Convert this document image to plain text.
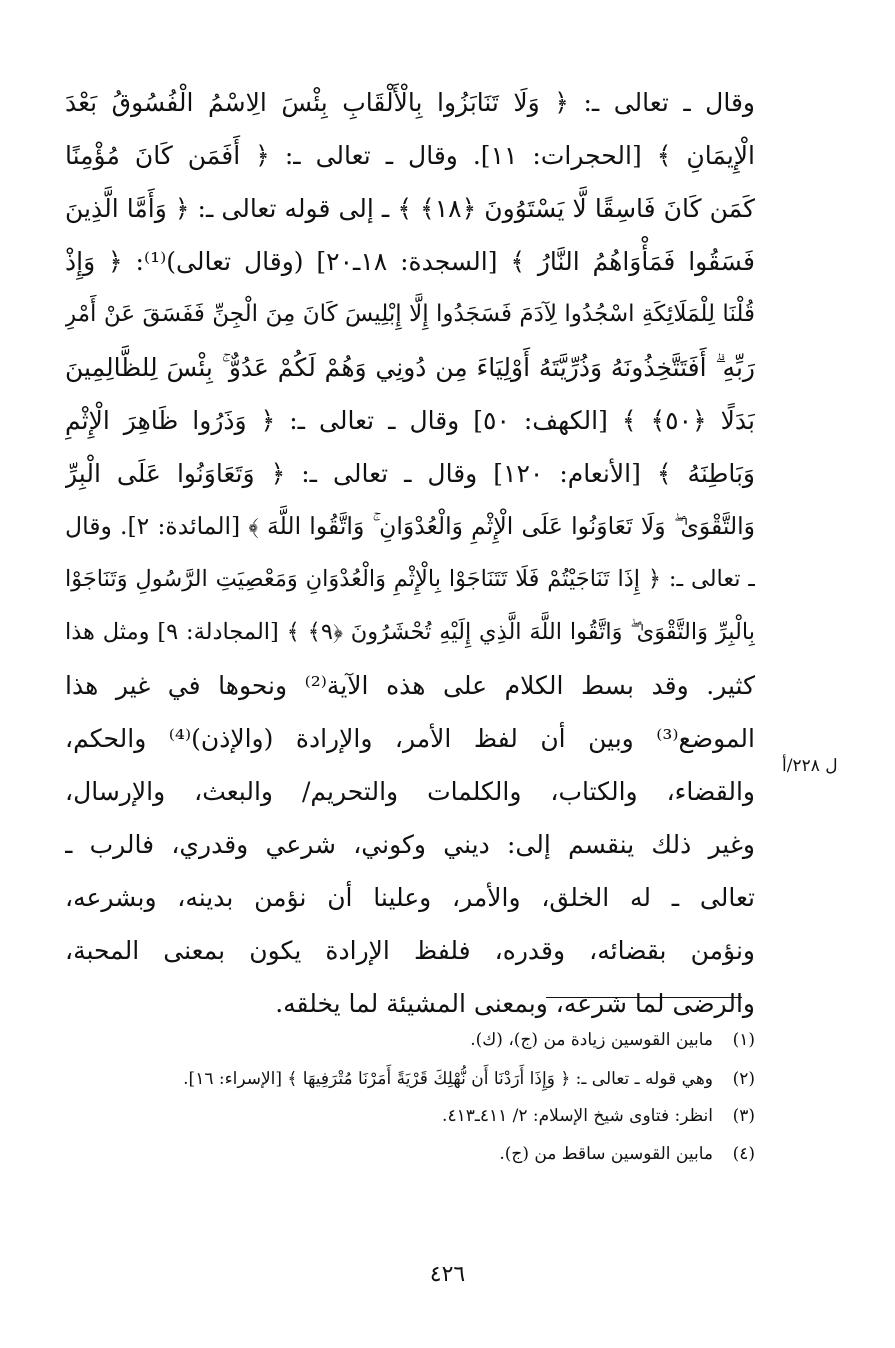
وقال ـ تعالى ـ: ﴿ وَلَا تَنَابَزُوا بِالْأَلْقَابِ بِئْسَ الِاسْمُ الْفُسُوقُ بَعْدَ
الْإِيمَانِ ﴾ [الحجرات: ١١]. وقال ـ تعالى ـ: ﴿ أَفَمَن كَانَ مُؤْمِنًا
كَمَن كَانَ فَاسِقًا لَّا يَسْتَوُونَ ﴿١٨﴾ ﴾ ـ إلى قوله تعالى ـ: ﴿ وَأَمَّا الَّذِينَ
فَسَقُوا فَمَأْوَاهُمُ النَّارُ ﴾ [السجدة: ١٨ـ٢٠] (وقال تعالى)⁽¹⁾: ﴿ وَإِذْ
قُلْنَا لِلْمَلَائِكَةِ اسْجُدُوا لِآدَمَ فَسَجَدُوا إِلَّا إِبْلِيسَ كَانَ مِنَ الْجِنِّ فَفَسَقَ عَنْ أَمْرِ
رَبِّهِ ۗ أَفَتَتَّخِذُونَهُ وَذُرِّيَّتَهُ أَوْلِيَاءَ مِن دُونِي وَهُمْ لَكُمْ عَدُوٌّ ۚ بِئْسَ لِلظَّالِمِينَ
بَدَلًا ﴿٥٠﴾ ﴾ [الكهف: ٥٠] وقال ـ تعالى ـ: ﴿ وَذَرُوا ظَاهِرَ الْإِثْمِ
وَبَاطِنَهُ ﴾ [الأنعام: ١٢٠] وقال ـ تعالى ـ: ﴿ وَتَعَاوَنُوا عَلَى الْبِرِّ
وَالتَّقْوَىٰ ۖ وَلَا تَعَاوَنُوا عَلَى الْإِثْمِ وَالْعُدْوَانِ ۚ وَاتَّقُوا اللَّهَ ﴾ [المائدة: ٢]. وقال
ـ تعالى ـ: ﴿ إِذَا تَنَاجَيْتُمْ فَلَا تَتَنَاجَوْا بِالْإِثْمِ وَالْعُدْوَانِ وَمَعْصِيَتِ الرَّسُولِ وَتَنَاجَوْا
بِالْبِرِّ وَالتَّقْوَىٰ ۖ وَاتَّقُوا اللَّهَ الَّذِي إِلَيْهِ تُحْشَرُونَ ﴿٩﴾ ﴾ [المجادلة: ٩] ومثل هذا
كثير. وقد بسط الكلام على هذه الآية⁽²⁾ ونحوها في غير هذا
الموضع⁽³⁾ وبين أن لفظ الأمر، والإرادة (والإذن)⁽⁴⁾ والحكم،
والقضاء، والكتاب، والكلمات والتحريم/ والبعث، والإرسال،
وغير ذلك ينقسم إلى: ديني وكوني، شرعي وقدري، فالرب ـ
تعالى ـ له الخلق، والأمر، وعلينا أن نؤمن بدينه، وبشرعه،
ونؤمن بقضائه، وقدره، فلفظ الإرادة يكون بمعنى المحبة،
والرضى لما شرعه، وبمعنى المشيئة لما يخلقه.
ل ٢٢٨/أ
(١)
مابين القوسين زيادة من (ج)، (ك).
(٢)
وهي قوله ـ تعالى ـ: ﴿ وَإِذَا أَرَدْنَا أَن نُّهْلِكَ قَرْيَةً أَمَرْنَا مُتْرَفِيهَا ﴾ [الإسراء: ١٦].
(٣)
انظر: فتاوى شيخ الإسلام: ٢/ ٤١١ـ٤١٣.
(٤)
مابين القوسين ساقط من (ج).
٤٢٦
